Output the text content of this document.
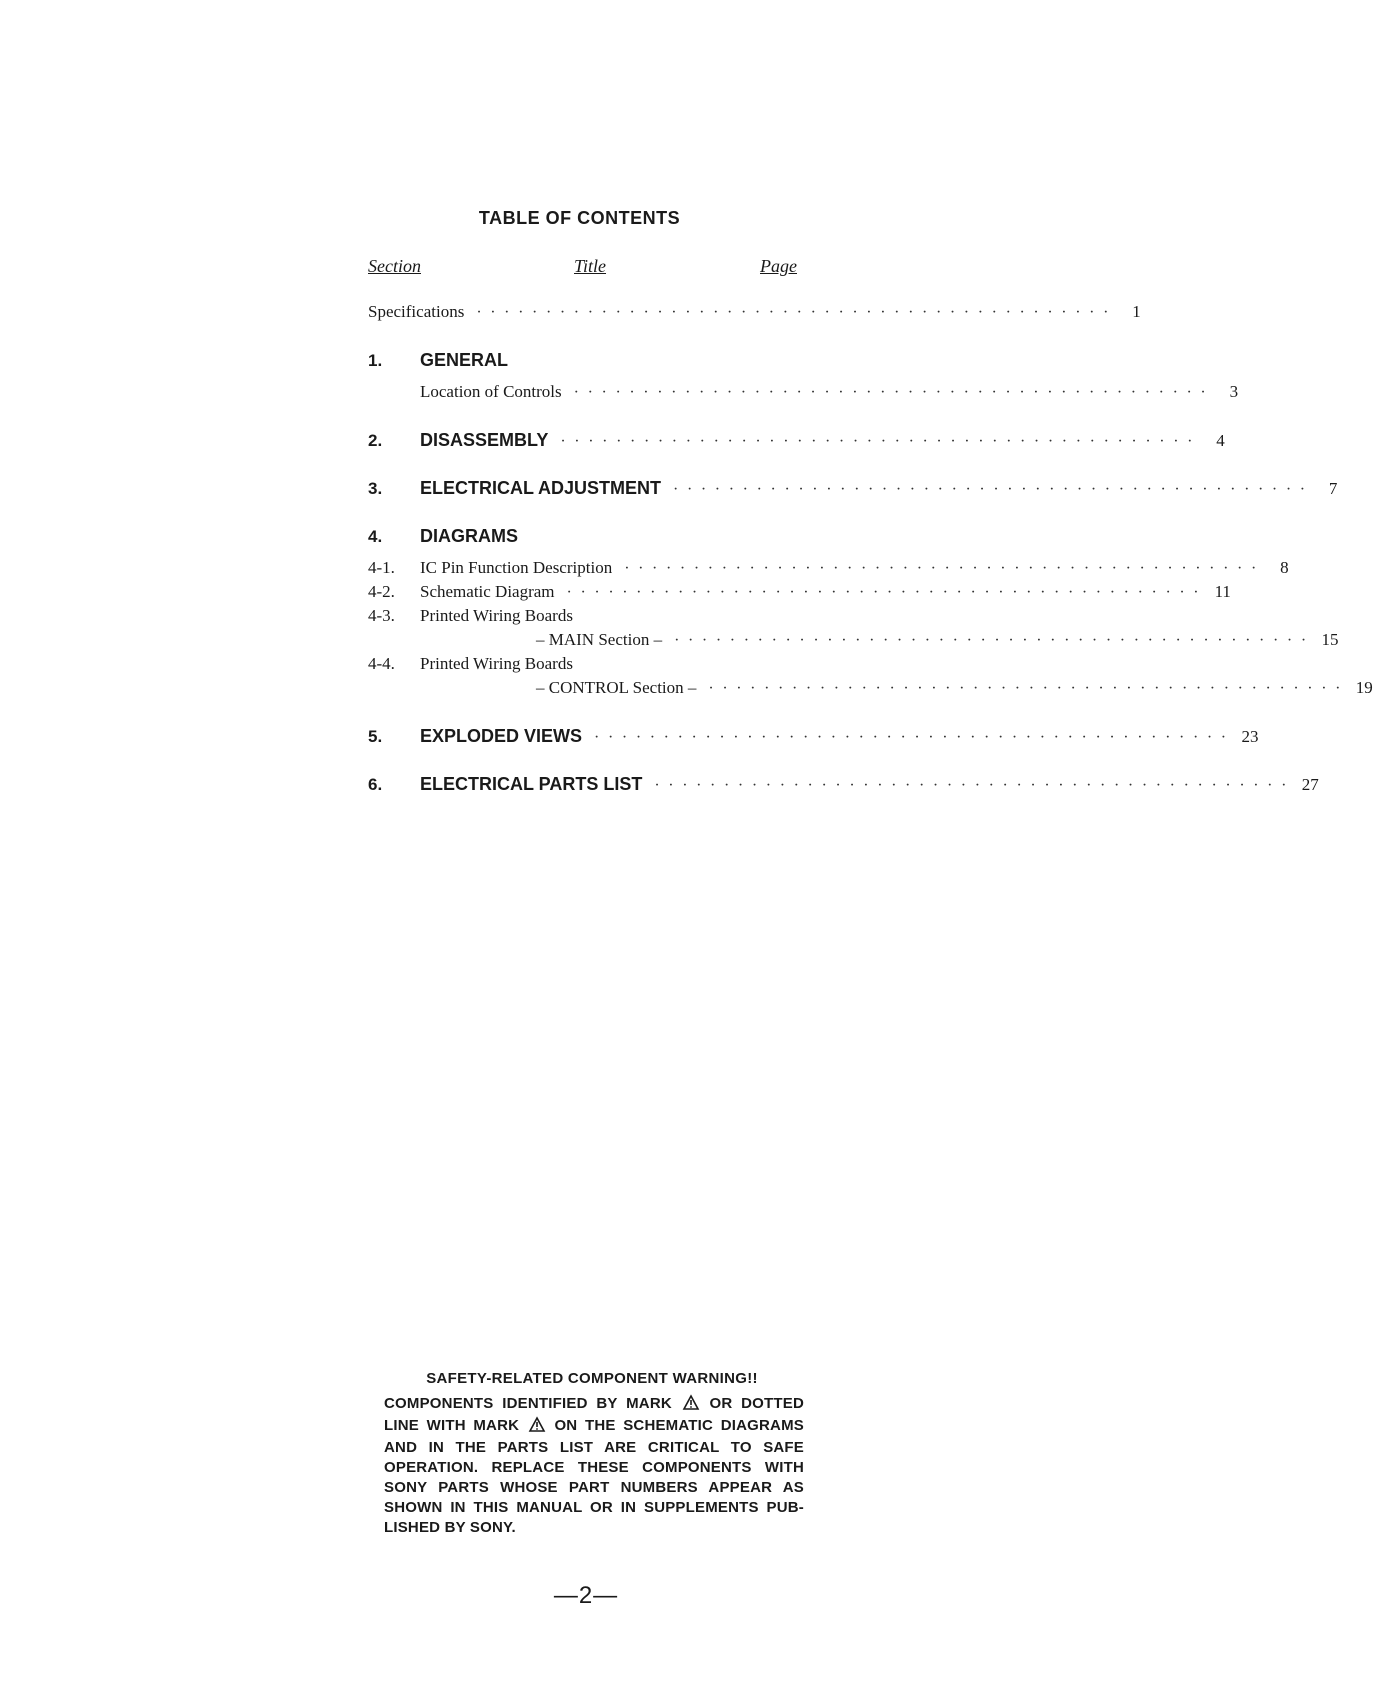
TABLE OF CONTENTS
Section	Title	Page
Specifications · · · · · · · · · · · · · · · · · · · · · · · · · · · · · · · · · · · · · · · · · · · · · ·	1
1.	GENERAL
Location of Controls · · · · · · · · · · · · · · · · · · · · · · · · · · · · · · · · · · · · · · · · · · · · · ·	3
2.	DISASSEMBLY · · · · · · · · · · · · · · · · · · · · · · · · · · · · · · · · · · · · · · · · · · · · · ·	4
3.	ELECTRICAL ADJUSTMENT · · · · · · · · · · · · · · · · · · · · · · · · · · · · · · · · · · · · · · · · · · · · · ·	7
4.	DIAGRAMS
4-1.	IC Pin Function Description · · · · · · · · · · · · · · · · · · · · · · · · · · · · · · · · · · · · · · · · · · · · · ·	8
4-2.	Schematic Diagram · · · · · · · · · · · · · · · · · · · · · · · · · · · · · · · · · · · · · · · · · · · · · · 11
4-3.	Printed Wiring Boards
– MAIN Section – · · · · · · · · · · · · · · · · · · · · · · · · · · · · · · · · · · · · · · · · · · · · · · 15
4-4.	Printed Wiring Boards
– CONTROL Section – · · · · · · · · · · · · · · · · · · · · · · · · · · · · · · · · · · · · · · · · · · · · · · 19
5.	EXPLODED VIEWS · · · · · · · · · · · · · · · · · · · · · · · · · · · · · · · · · · · · · · · · · · · · · · 23
6.	ELECTRICAL PARTS LIST · · · · · · · · · · · · · · · · · · · · · · · · · · · · · · · · · · · · · · · · · · · · · · 27
SAFETY-RELATED COMPONENT WARNING!!
COMPONENTS IDENTIFIED BY MARK	OR DOTTED LINE WITH MARK ON THE SCHEMATIC DIAGRAMS AND IN THE PARTS LIST ARE CRITICAL TO SAFE OPERATION. REPLACE THESE COMPONENTS WITH SONY PARTS WHOSE PART NUMBERS APPEAR AS SHOWN IN THIS MANUAL OR IN SUPPLEMENTS PUB-LISHED BY SONY.
—2—
